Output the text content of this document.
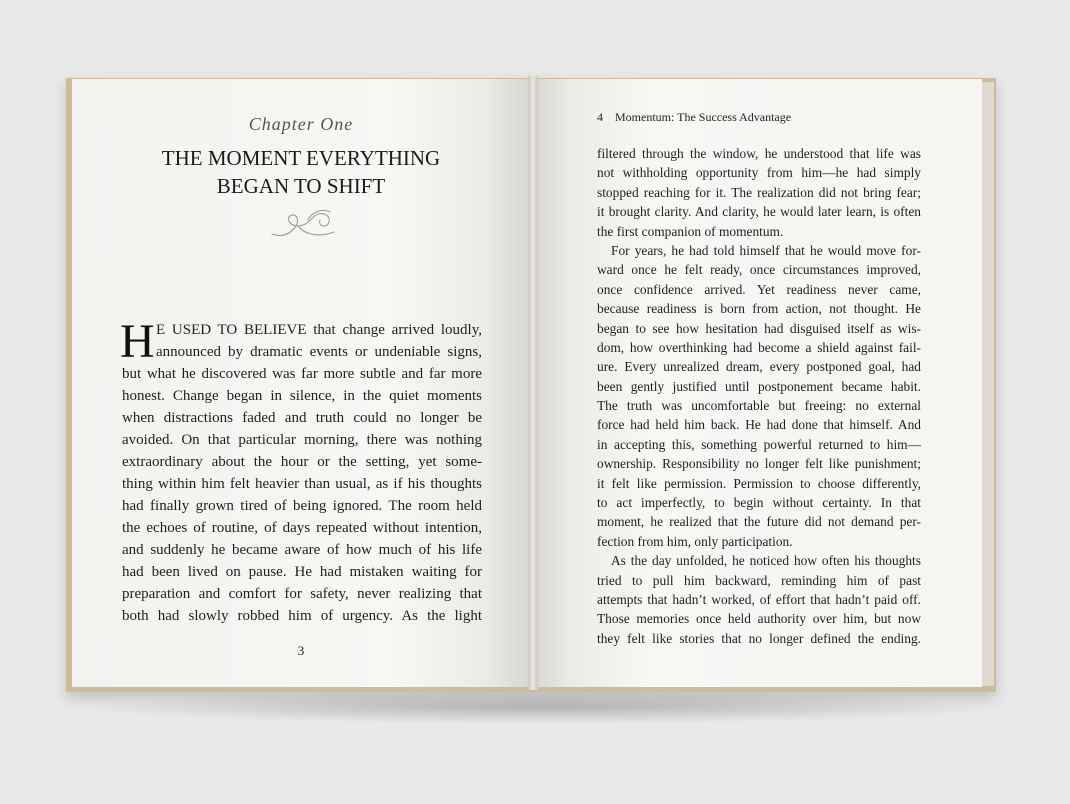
Chapter One
THE MOMENT EVERYTHING
BEGAN TO SHIFT
H E USED TO BELIEVE that change arrived loudly,
announced by dramatic events or undeniable signs,
but what he discovered was far more subtle and far more
honest. Change began in silence, in the quiet moments
when distractions faded and truth could no longer be
avoided. On that particular morning, there was nothing
extraordinary about the hour or the setting, yet some-
thing within him felt heavier than usual, as if his thoughts
had finally grown tired of being ignored. The room held
the echoes of routine, of days repeated without intention,
and suddenly he became aware of how much of his life
had been lived on pause. He had mistaken waiting for
preparation and comfort for safety, never realizing that
both had slowly robbed him of urgency. As the light
3
4 Momentum: The Success Advantage
filtered through the window, he understood that life was
not withholding opportunity from him—he had simply
stopped reaching for it. The realization did not bring fear;
it brought clarity. And clarity, he would later learn, is often
the first companion of momentum.
For years, he had told himself that he would move for-
ward once he felt ready, once circumstances improved,
once confidence arrived. Yet readiness never came,
because readiness is born from action, not thought. He
began to see how hesitation had disguised itself as wis-
dom, how overthinking had become a shield against fail-
ure. Every unrealized dream, every postponed goal, had
been gently justified until postponement became habit.
The truth was uncomfortable but freeing: no external
force had held him back. He had done that himself. And
in accepting this, something powerful returned to him—
ownership. Responsibility no longer felt like punishment;
it felt like permission. Permission to choose differently,
to act imperfectly, to begin without certainty. In that
moment, he realized that the future did not demand per-
fection from him, only participation.
As the day unfolded, he noticed how often his thoughts
tried to pull him backward, reminding him of past
attempts that hadn’t worked, of effort that hadn’t paid off.
Those memories once held authority over him, but now
they felt like stories that no longer defined the ending.
